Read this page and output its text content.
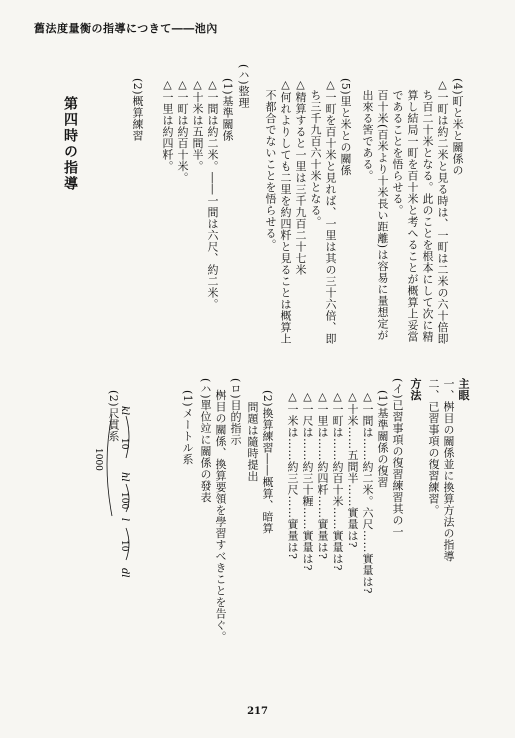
舊法度量衡の指導につきて――池內
第四時の指導	(4)町と米と關係の
△一町は約二米と見る時は、一町は二米の六十倍即
　ち百二十米となる。此のことを根本にして次に精
　算し結局一町を百十米と考へることが概算上妥當
　であることを悟らせる。
　百十米(百米より十米長い距離)は容易に量想定が
　出來る筈である。
(5)里と米との關係
△一町を百十米と見れば、一里は其の三十六倍、即
　ち三千九百六十米となる。
△精算すると一里は三千九百二十七米
△何れよりしても二里を約四粁と見ることは概算上
　不都合でないことを悟らせる。
(ハ)整理
(1)基準關係
△一間は約二米。――一間は六尺、約二米。
△十米は五間半。
△一町は約百十米。
△一里は約四粁。
(2)概算練習
主眼
一、桝目の關係並に換算方法の指導
二、已習事項の復習練習。
方法
(イ)已習事項の復習練習其の一
(1)基準關係の復習
△一間は……約二米。六尺……實量は?
△十米……五間半……實量は?
△一町は……約百十米……實量は?
△一里は……約四粁……實量は?
△一尺は……約三十糎……實量は?
△一米は……約三尺……實量は?
(2)換算練習――概算、暗算
　問題は隨時提出
(ロ)目的指示
　桝目の關係、換算要領を學習すべきことを告ぐ。
(ハ)單位竝に關係の發表
(1)メートル系
(2)尺貫系 kl
10
hl
100
l
10
dl
1000
217
